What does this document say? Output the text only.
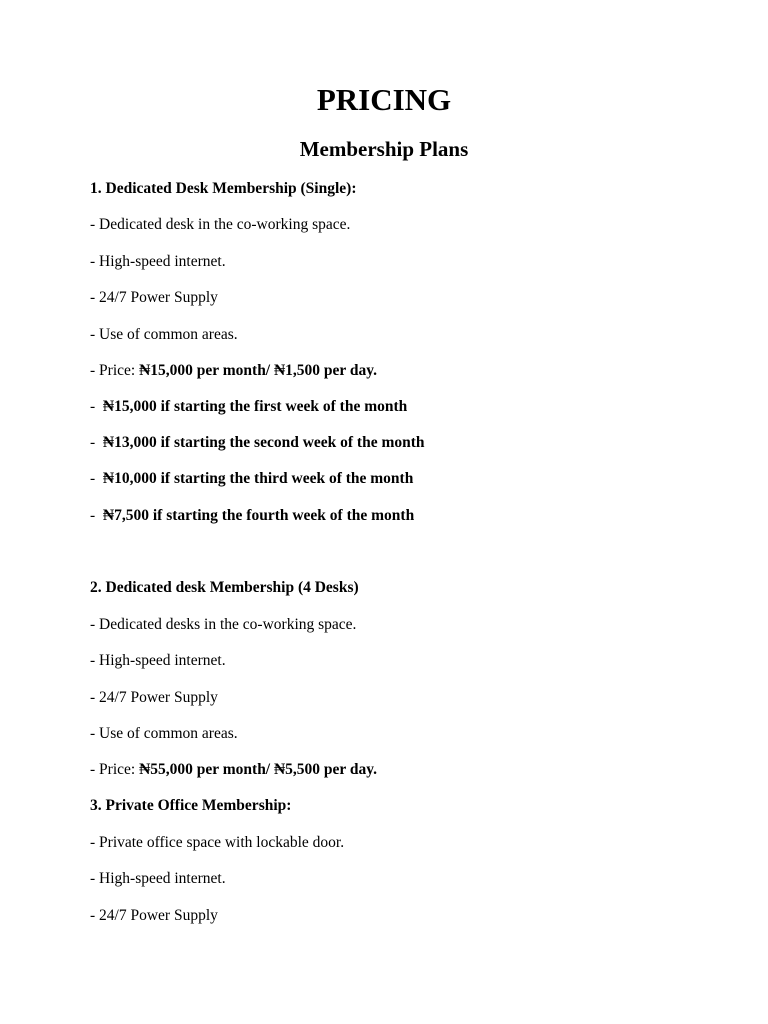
PRICING
Membership Plans
1. Dedicated Desk Membership (Single):
- Dedicated desk in the co-working space.
- High-speed internet.
- 24/7 Power Supply
- Use of common areas.
- Price: ₦15,000 per month/ ₦1,500 per day.
-  ₦15,000 if starting the first week of the month
-  ₦13,000 if starting the second week of the month
-  ₦10,000 if starting the third week of the month
-  ₦7,500 if starting the fourth week of the month
2. Dedicated desk Membership (4 Desks)
- Dedicated desks in the co-working space.
- High-speed internet.
- 24/7 Power Supply
- Use of common areas.
- Price: ₦55,000 per month/ ₦5,500 per day.
3. Private Office Membership:
- Private office space with lockable door.
- High-speed internet.
- 24/7 Power Supply
